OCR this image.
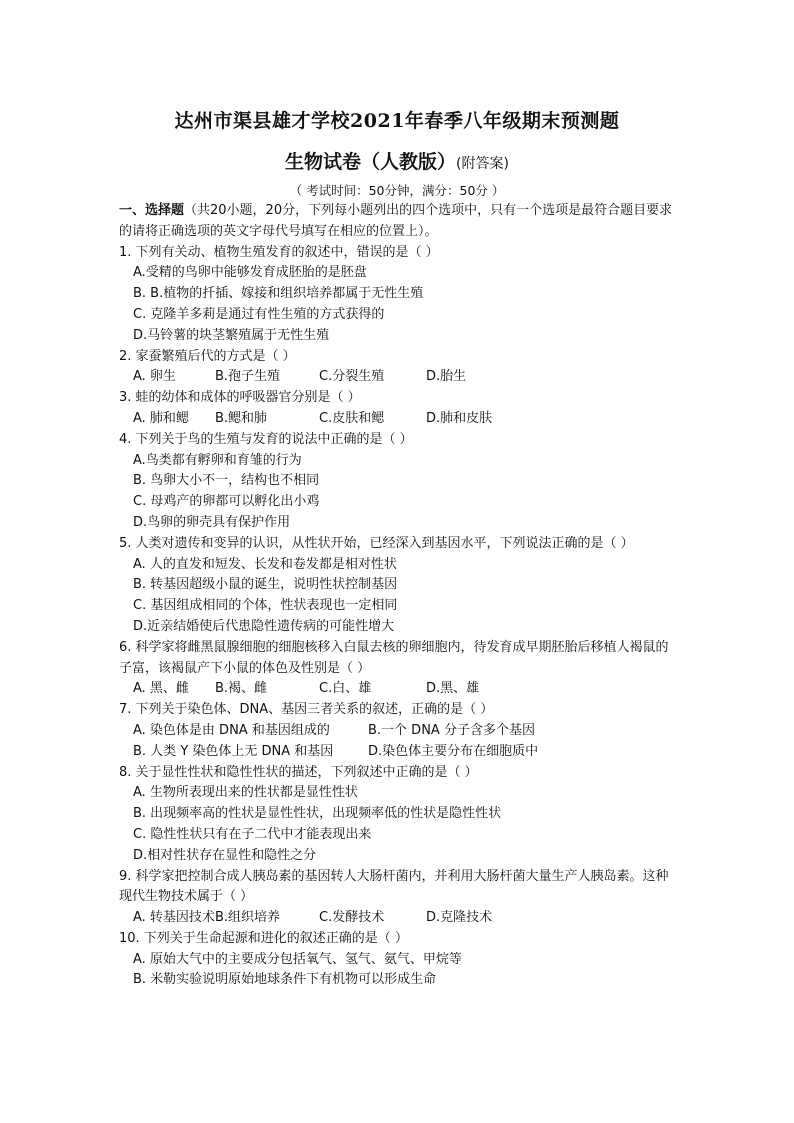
达州市渠县雄才学校2021年春季八年级期末预测题
生物试卷（人教版）(附答案)
（ 考试时间：50分钟，满分：50分 ）
一、选择题（共20小题，20分，下列每小题列出的四个选项中，只有一个选项是最符合题目要求的请将正确选项的英文字母代号填写在相应的位置上）。
1. 下列有关动、植物生殖发育的叙述中，错误的是（ ）
A.受精的鸟卵中能够发育成胚胎的是胚盘
B. B.植物的扦插、嫁接和组织培养都属于无性生殖
C. 克隆羊多莉是通过有性生殖的方式获得的
D.马铃薯的块茎繁殖属于无性生殖
2. 家蚕繁殖后代的方式是（ ）
A. 卵生	B.孢子生殖	C.分裂生殖	D.胎生
3. 蛙的幼体和成体的呼吸器官分别是（ ）
A. 肺和鳃 B.鳃和肺	C.皮肤和鳃	D.肺和皮肤
4. 下列关于鸟的生殖与发育的说法中正确的是（ ）
A.鸟类都有孵卵和育雏的行为
B. 鸟卵大小不一，结构也不相同
C. 母鸡产的卵都可以孵化出小鸡
D.鸟卵的卵壳具有保护作用
5. 人类对遗传和变异的认识，从性状开始，已经深入到基因水平，下列说法正确的是（ ）
A. 人的直发和短发、长发和卷发都是相对性状
B. 转基因超级小鼠的诞生，说明性状控制基因
C. 基因组成相同的个体，性状表现也一定相同
D.近亲结婚使后代患隐性遗传病的可能性增大
6. 科学家将雌黑鼠腺细胞的细胞核移入白鼠去核的卵细胞内，待发育成早期胚胎后移植人褐鼠的子富，该褐鼠产下小鼠的体色及性别是（ ）
A. 黑、雌 B.褐、雌	C.白、雄	D.黑、雄
7. 下列关于染色体、DNA、基因三者关系的叙述，正确的是（ ）
A. 染色体是由 DNA 和基因组成的	B.一个 DNA 分子含多个基因
B. 人类 Y 染色体上无 DNA 和基因	D.染色体主要分布在细胞质中
8. 关于显性性状和隐性性状的描述，下列叙述中正确的是（ ）
A. 生物所表现出来的性状都是显性性状
B. 出现频率高的性状是显性性状，出现频率低的性状是隐性性状
C. 隐性性状只有在子二代中才能表现出来
D.相对性状存在显性和隐性之分
9. 科学家把控制合成人胰岛素的基因转人大肠杆菌内，并利用大肠杆菌大量生产人胰岛素。这种现代生物技术属于（ ）
A. 转基因技术 B.组织培养	C.发酵技术	D.克隆技术
10. 下列关于生命起源和进化的叙述正确的是（ ）
A. 原始大气中的主要成分包括氧气、氢气、氨气、甲烷等
B. 米勒实验说明原始地球条件下有机物可以形成生命
